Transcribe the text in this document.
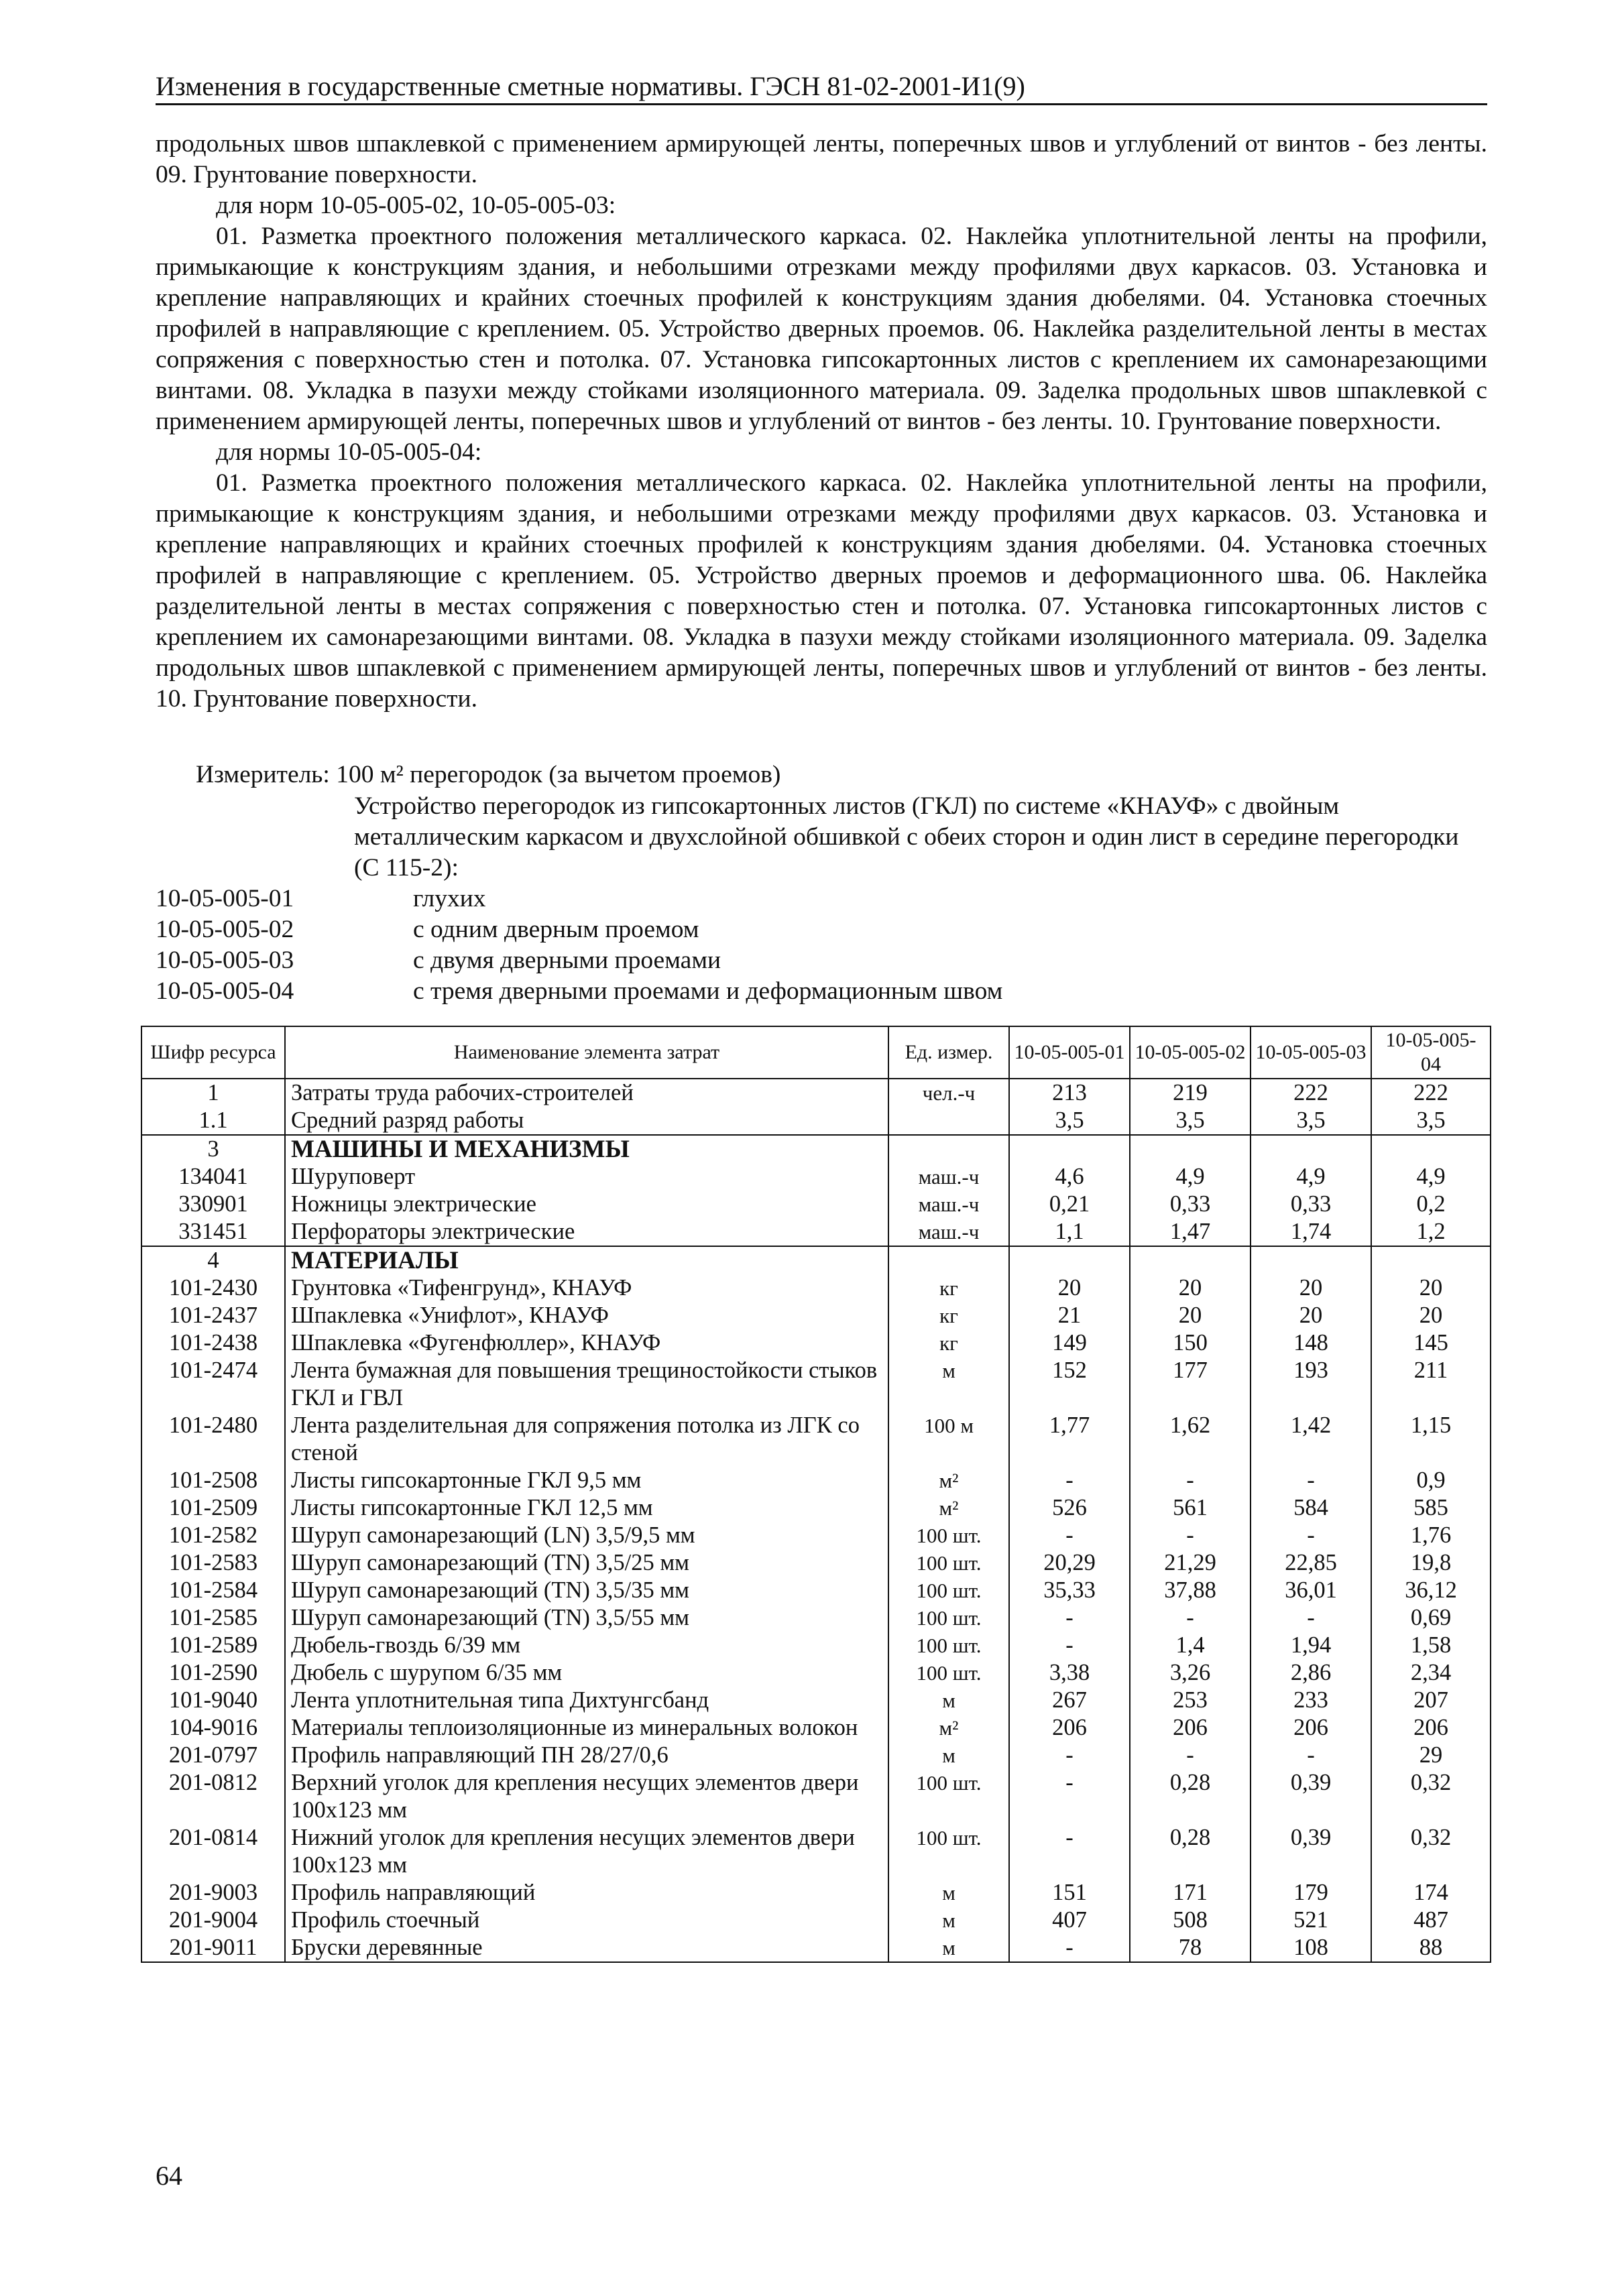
Изменения в государственные сметные нормативы. ГЭСН 81-02-2001-И1(9)

продольных швов шпаклевкой с применением армирующей ленты, поперечных швов и углублений от винтов - без ленты. 09. Грунтование поверхности.

для норм 10-05-005-02, 10-05-005-03:

01. Разметка проектного положения металлического каркаса. 02. Наклейка уплотнительной ленты на профили, примыкающие к конструкциям здания, и небольшими отрезками между профилями двух каркасов. 03. Установка и крепление направляющих и крайних стоечных профилей к конструкциям здания дюбелями. 04. Установка стоечных профилей в направляющие с креплением. 05. Устройство дверных проемов. 06. Наклейка разделительной ленты в местах сопряжения с поверхностью стен и потолка. 07. Установка гипсокартонных листов с креплением их самонарезающими винтами. 08. Укладка в пазухи между стойками изоляционного материала. 09. Заделка продольных швов шпаклевкой с применением армирующей ленты, поперечных швов и углублений от винтов - без ленты. 10. Грунтование поверхности.

для нормы 10-05-005-04:

01. Разметка проектного положения металлического каркаса. 02. Наклейка уплотнительной ленты на профили, примыкающие к конструкциям здания, и небольшими отрезками между профилями двух каркасов. 03. Установка и крепление направляющих и крайних стоечных профилей к конструкциям здания дюбелями. 04. Установка стоечных профилей в направляющие с креплением. 05. Устройство дверных проемов и деформационного шва. 06. Наклейка разделительной ленты в местах сопряжения с поверхностью стен и потолка. 07. Установка гипсокартонных листов с креплением их самонарезающими винтами. 08. Укладка в пазухи между стойками изоляционного материала. 09. Заделка продольных швов шпаклевкой с применением армирующей ленты, поперечных швов и углублений от винтов - без ленты. 10. Грунтование поверхности.

Измеритель: 100 м² перегородок (за вычетом проемов)
Устройство перегородок из гипсокартонных листов (ГКЛ) по системе «КНАУФ» с двойным металлическим каркасом и двухслойной обшивкой с обеих сторон и один лист в середине перегородки (С 115-2):
10-05-005-01	глухих
10-05-005-02	с одним дверным проемом
10-05-005-03	с двумя дверными проемами
10-05-005-04	с тремя дверными проемами и деформационным швом
Шифр ресурса	Наименование элемента затрат	Ед. измер.	10-05-005-01	10-05-005-02	10-05-005-03	10-05-005-04
1	Затраты труда рабочих-строителей	чел.-ч	213	219	222	222
1.1	Средний разряд работы		3,5	3,5	3,5	3,5
3	МАШИНЫ И МЕХАНИЗМЫ					
134041	Шуруповерт	маш.-ч	4,6	4,9	4,9	4,9
330901	Ножницы электрические	маш.-ч	0,21	0,33	0,33	0,2
331451	Перфораторы электрические	маш.-ч	1,1	1,47	1,74	1,2
4	МАТЕРИАЛЫ					
101-2430	Грунтовка «Тифенгрунд», КНАУФ	кг	20	20	20	20
101-2437	Шпаклевка «Унифлот», КНАУФ	кг	21	20	20	20
101-2438	Шпаклевка «Фугенфюллер», КНАУФ	кг	149	150	148	145
101-2474	Лента бумажная для повышения трещиностойкости стыков ГКЛ и ГВЛ	м	152	177	193	211
101-2480	Лента разделительная для сопряжения потолка из ЛГК со стеной	100 м	1,77	1,62	1,42	1,15
101-2508	Листы гипсокартонные ГКЛ 9,5 мм	м²	-	-	-	0,9
101-2509	Листы гипсокартонные ГКЛ 12,5 мм	м²	526	561	584	585
101-2582	Шуруп самонарезающий (LN) 3,5/9,5 мм	100 шт.	-	-	-	1,76
101-2583	Шуруп самонарезающий (TN) 3,5/25 мм	100 шт.	20,29	21,29	22,85	19,8
101-2584	Шуруп самонарезающий (TN) 3,5/35 мм	100 шт.	35,33	37,88	36,01	36,12
101-2585	Шуруп самонарезающий (TN) 3,5/55 мм	100 шт.	-	-	-	0,69
101-2589	Дюбель-гвоздь 6/39 мм	100 шт.	-	1,4	1,94	1,58
101-2590	Дюбель с шурупом 6/35 мм	100 шт.	3,38	3,26	2,86	2,34
101-9040	Лента уплотнительная типа Дихтунгсбанд	м	267	253	233	207
104-9016	Материалы теплоизоляционные из минеральных волокон	м²	206	206	206	206
201-0797	Профиль направляющий ПН 28/27/0,6	м	-	-	-	29
201-0812	Верхний уголок для крепления несущих элементов двери 100x123 мм	100 шт.	-	0,28	0,39	0,32
201-0814	Нижний уголок для крепления несущих элементов двери 100x123 мм	100 шт.	-	0,28	0,39	0,32
201-9003	Профиль направляющий	м	151	171	179	174
201-9004	Профиль стоечный	м	407	508	521	487
201-9011	Бруски деревянные	м	-	78	108	88
64
